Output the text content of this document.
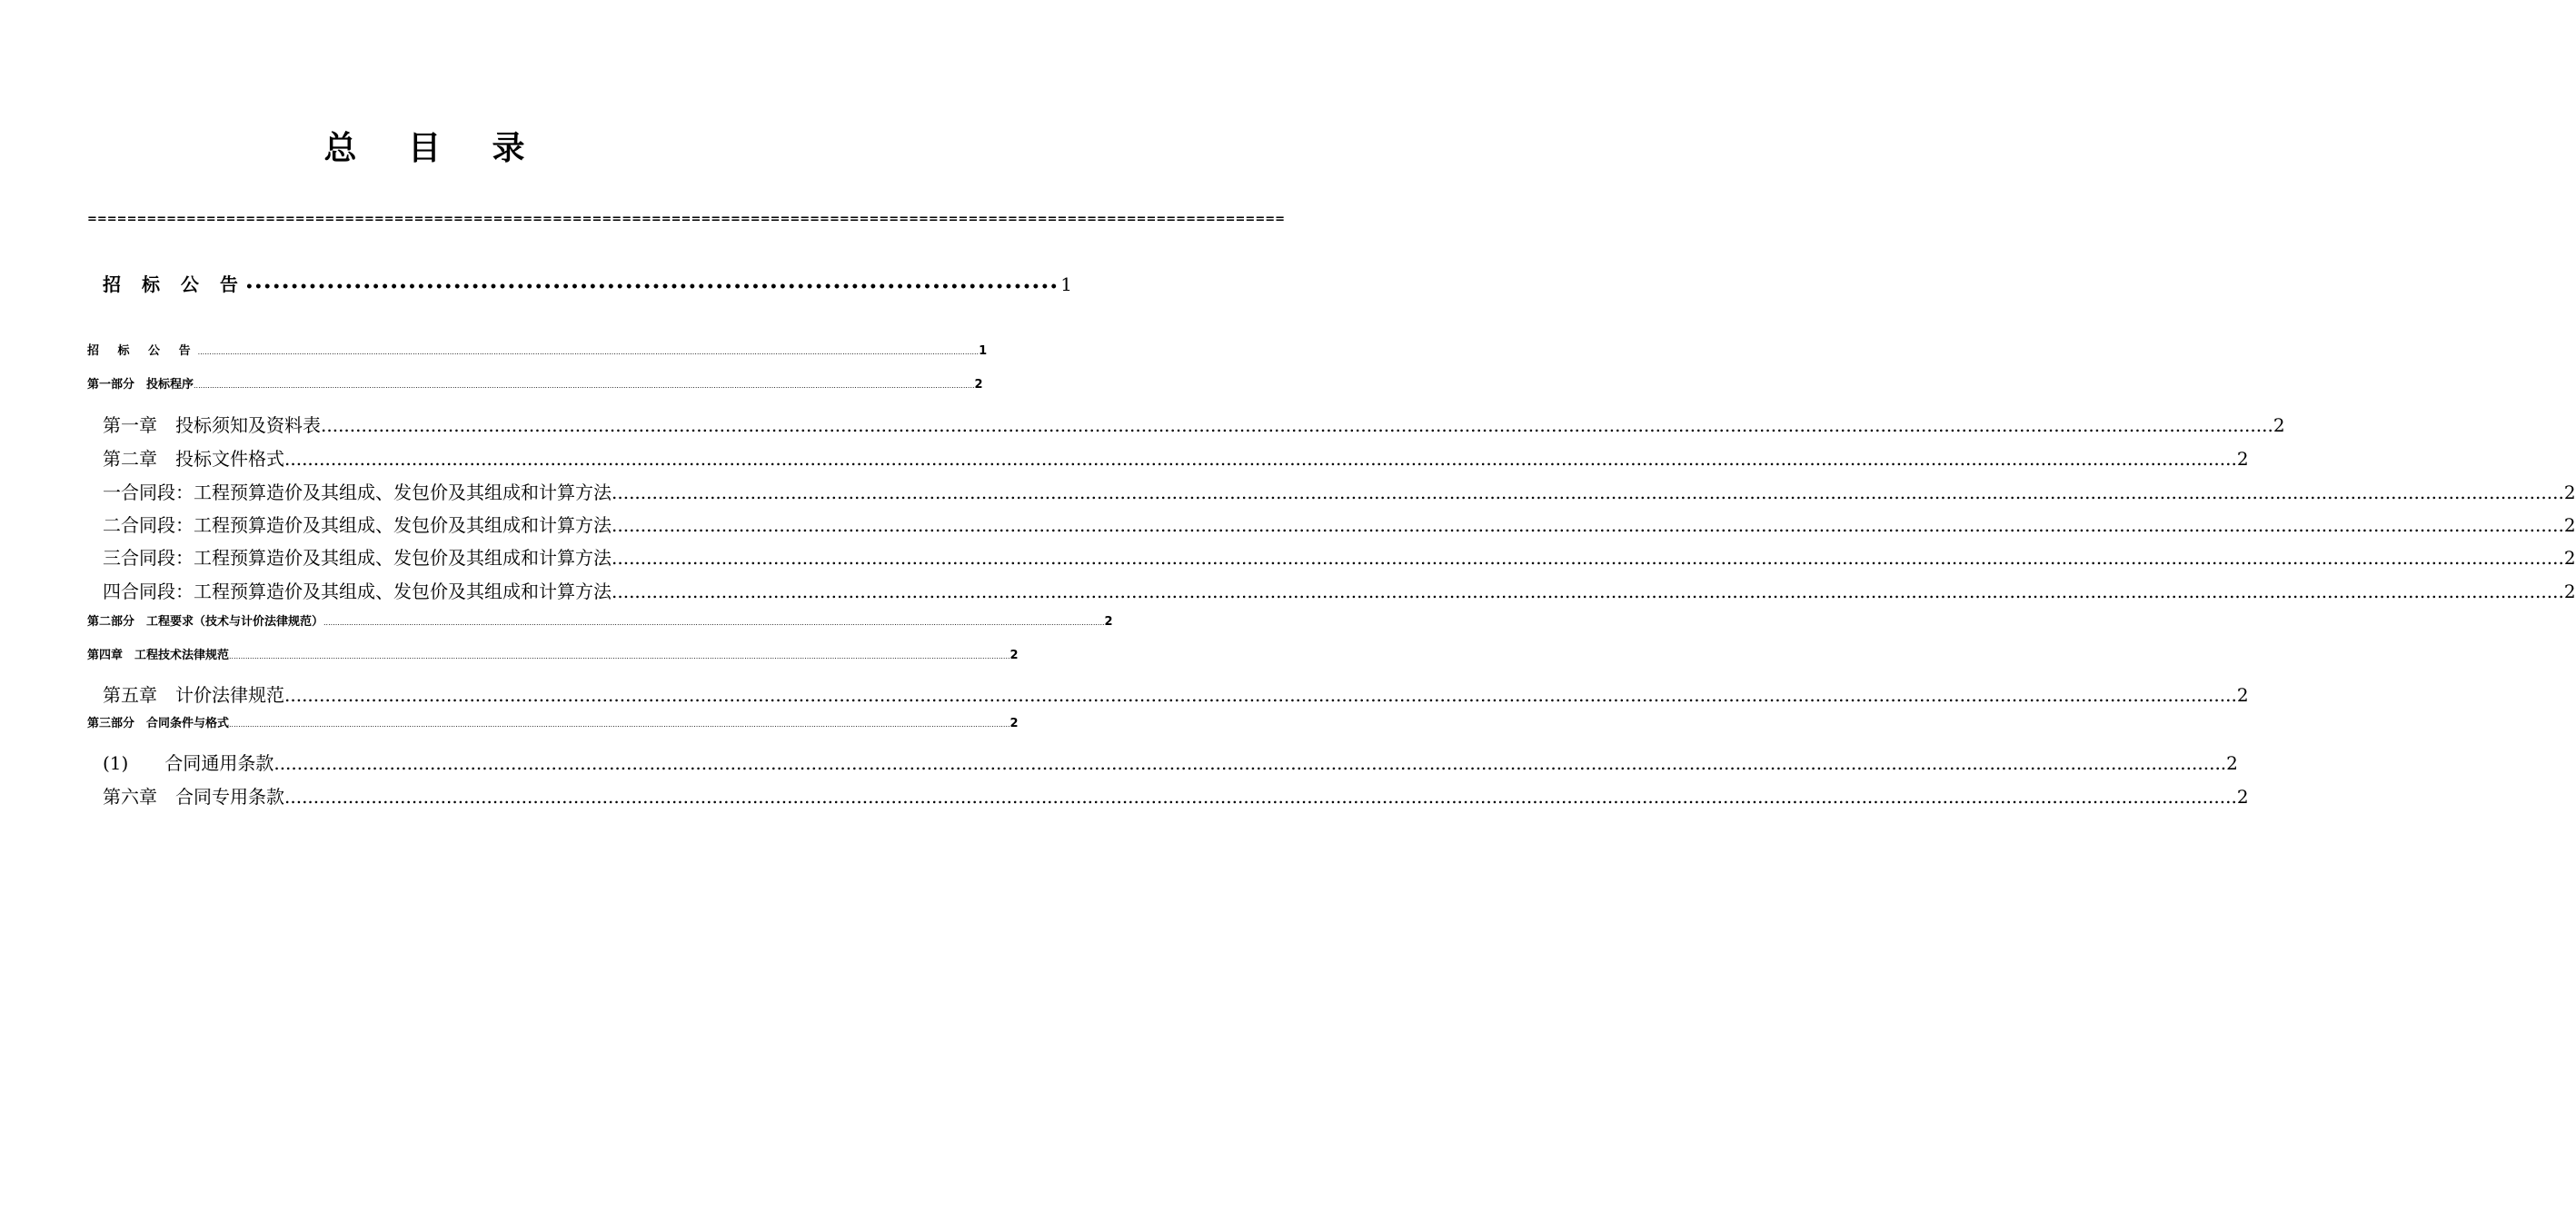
总 目 录
=========================================================================================================================
招 标 公 告 •••••	1
招 标 公 告 .....	1
第一部分　投标程序 .....	2
第一章　投标须知及资料表 .....	2
第二章　投标文件格式 .....	2
一合同段：工程预算造价及其组成、发包价及其组成和计算方法 .....	2
二合同段：工程预算造价及其组成、发包价及其组成和计算方法 .....	2
三合同段：工程预算造价及其组成、发包价及其组成和计算方法 .....	2
四合同段：工程预算造价及其组成、发包价及其组成和计算方法 .....	2
第二部分　工程要求（技术与计价法律规范） .....	2
第四章　工程技术法律规范 .....	2
第五章　计价法律规范 .....	2
第三部分　合同条件与格式 .....	2
(1)　　合同通用条款 .....	2
第六章　合同专用条款 .....	2
